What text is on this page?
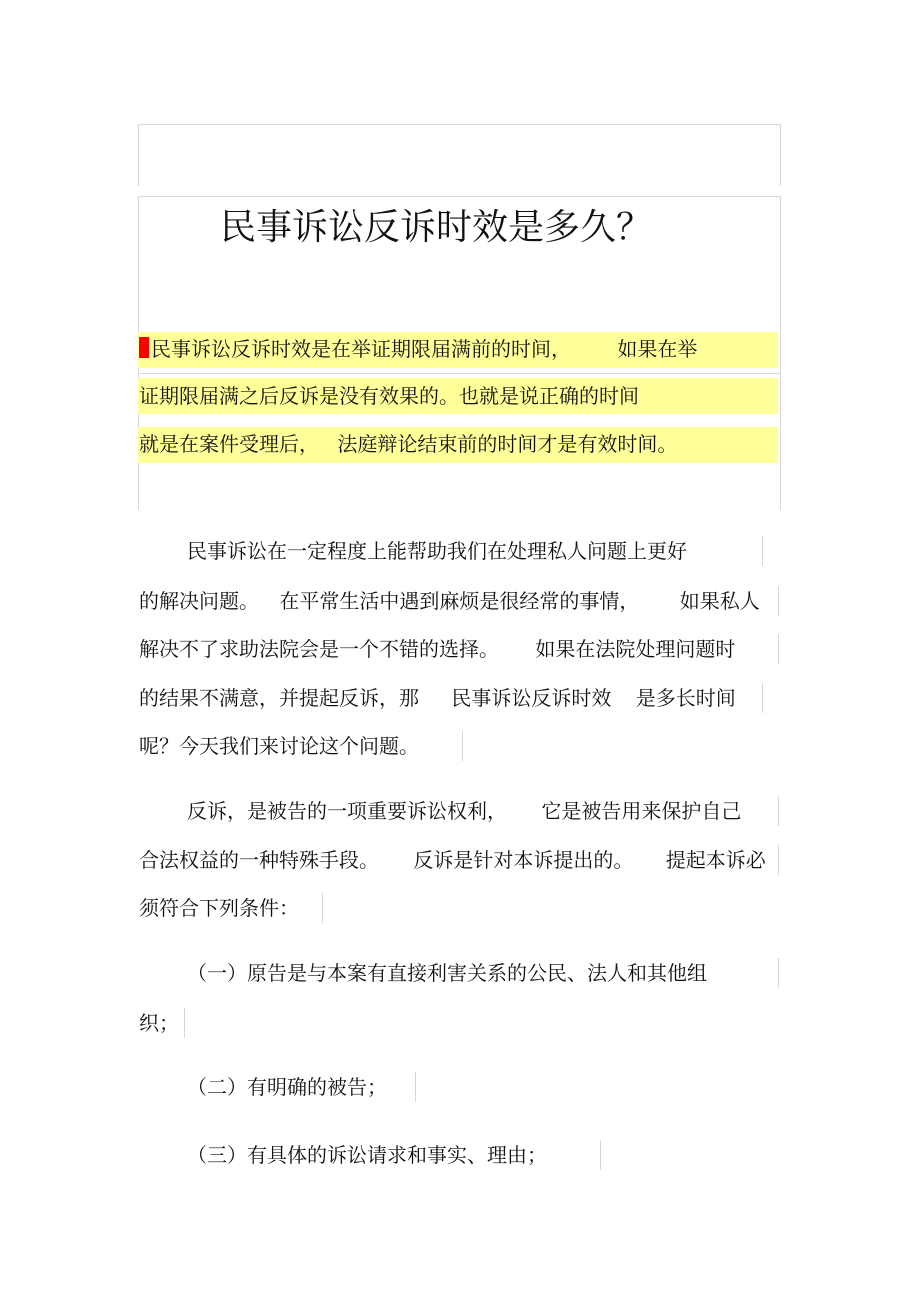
民事诉讼反诉时效是多久？
民事诉讼反诉时效是在举证期限届满前的时间， 如果在举
证期限届满之后反诉是没有效果的。也就是说正确的时间
就是在案件受理后， 法庭辩论结束前的时间才是有效时间。
民事诉讼在一定程度上能帮助我们在处理私人问题上更好
的解决问题。 在平常生活中遇到麻烦是很经常的事情， 如果私人
解决不了求助法院会是一个不错的选择。 如果在法院处理问题时
的结果不满意，并提起反诉，那 民事诉讼反诉时效 是多长时间
呢？今天我们来讨论这个问题。
反诉，是被告的一项重要诉讼权利， 它是被告用来保护自己
合法权益的一种特殊手段。 反诉是针对本诉提出的。 提起本诉必
须符合下列条件：
（一）原告是与本案有直接利害关系的公民、法人和其他组
织；
（二）有明确的被告；
（三）有具体的诉讼请求和事实、理由；
